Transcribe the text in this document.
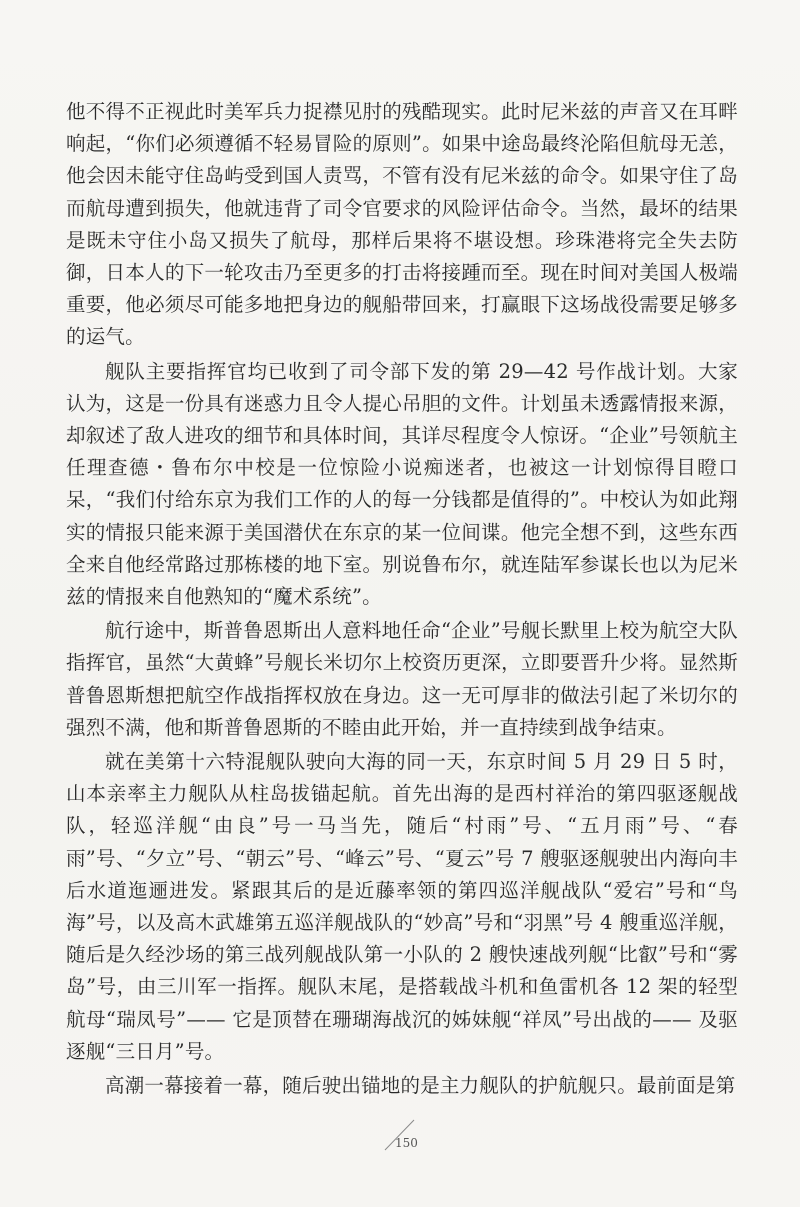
他不得不正视此时美军兵力捉襟见肘的残酷现实。此时尼米兹的声音又在耳畔响起，“你们必须遵循不轻易冒险的原则”。如果中途岛最终沦陷但航母无恙，他会因未能守住岛屿受到国人责骂，不管有没有尼米兹的命令。如果守住了岛而航母遭到损失，他就违背了司令官要求的风险评估命令。当然，最坏的结果是既未守住小岛又损失了航母，那样后果将不堪设想。珍珠港将完全失去防御，日本人的下一轮攻击乃至更多的打击将接踵而至。现在时间对美国人极端重要，他必须尽可能多地把身边的舰船带回来，打赢眼下这场战役需要足够多的运气。

舰队主要指挥官均已收到了司令部下发的第 29—42 号作战计划。大家认为，这是一份具有迷惑力且令人提心吊胆的文件。计划虽未透露情报来源，却叙述了敌人进攻的细节和具体时间，其详尽程度令人惊讶。“企业”号领航主任理查德・鲁布尔中校是一位惊险小说痴迷者，也被这一计划惊得目瞪口呆，“我们付给东京为我们工作的人的每一分钱都是值得的”。中校认为如此翔实的情报只能来源于美国潜伏在东京的某一位间谍。他完全想不到，这些东西全来自他经常路过那栋楼的地下室。别说鲁布尔，就连陆军参谋长也以为尼米兹的情报来自他熟知的“魔术系统”。

航行途中，斯普鲁恩斯出人意料地任命“企业”号舰长默里上校为航空大队指挥官，虽然“大黄蜂”号舰长米切尔上校资历更深，立即要晋升少将。显然斯普鲁恩斯想把航空作战指挥权放在身边。这一无可厚非的做法引起了米切尔的强烈不满，他和斯普鲁恩斯的不睦由此开始，并一直持续到战争结束。

就在美第十六特混舰队驶向大海的同一天，东京时间 5 月 29 日 5 时，山本亲率主力舰队从柱岛拔锚起航。首先出海的是西村祥治的第四驱逐舰战队，轻巡洋舰“由良”号一马当先，随后“村雨”号、“五月雨”号、“春雨”号、“夕立”号、“朝云”号、“峰云”号、“夏云”号 7 艘驱逐舰驶出内海向丰后水道迤逦进发。紧跟其后的是近藤率领的第四巡洋舰战队“爱宕”号和“鸟海”号，以及高木武雄第五巡洋舰战队的“妙高”号和“羽黑”号 4 艘重巡洋舰，随后是久经沙场的第三战列舰战队第一小队的 2 艘快速战列舰“比叡”号和“雾岛”号，由三川军一指挥。舰队末尾，是搭载战斗机和鱼雷机各 12 架的轻型航母“瑞凤号”—— 它是顶替在珊瑚海战沉的姊妹舰“祥凤”号出战的—— 及驱逐舰“三日月”号。

高潮一幕接着一幕，随后驶出锚地的是主力舰队的护航舰只。最前面是第

150
